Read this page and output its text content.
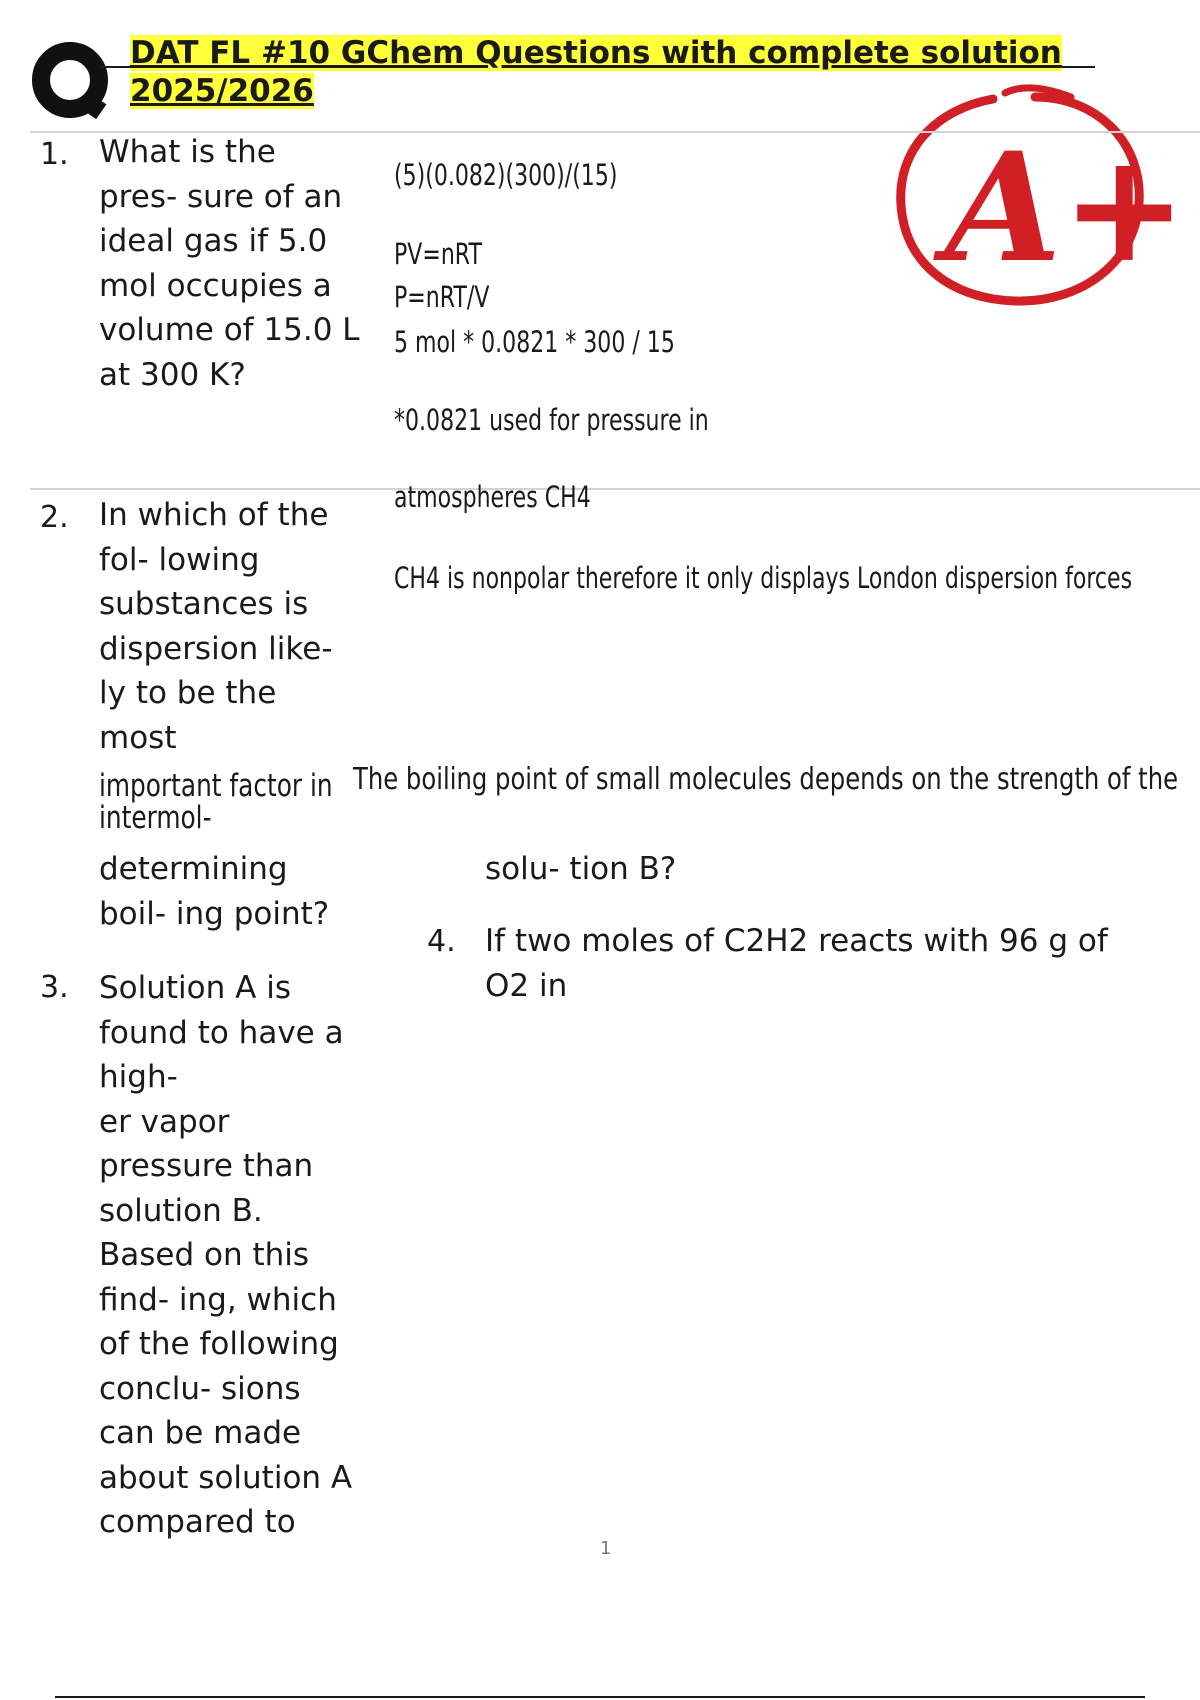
DAT FL #10 GChem Questions with complete solution
2025/2026
A+
1. What is the
pres- sure of an
ideal gas if 5.0
mol occupies a
volume of 15.0 L
at 300 K?
(5)(0.082)(300)/(15)
PV=nRT
P=nRT/V
5 mol * 0.0821 * 300 / 15
*0.0821 used for pressure in
atmospheres CH4
2. In which of the
fol- lowing
substances is
dispersion like-
ly to be the
most
important factor in
intermol-
determining
boil- ing point?
CH4 is nonpolar therefore it only displays London dispersion forces
The boiling point of small molecules depends on the strength of the
3. Solution A is
found to have a
high-
er vapor
pressure than
solution B.
Based on this
find- ing, which
of the following
conclu- sions
can be made
about solution A
compared to
solu- tion B?
4. If two moles of C2H2 reacts with 96 g of
O2 in
1
